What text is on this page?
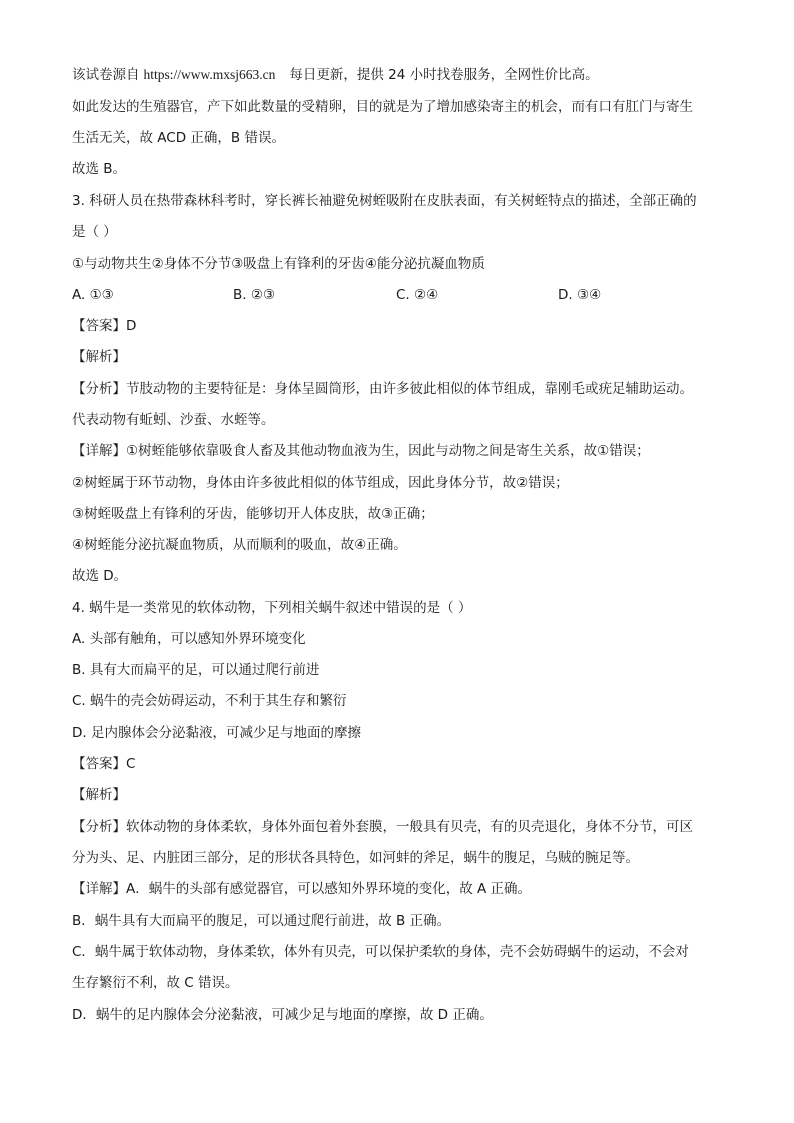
该试卷源自 https://www.mxsj663.cn 每日更新，提供 24 小时找卷服务，全网性价比高。
如此发达的生殖器官，产下如此数量的受精卵，目的就是为了增加感染寄主的机会，而有口有肛门与寄生
生活无关，故 ACD 正确，B 错误。
故选 B。
3. 科研人员在热带森林科考时，穿长裤长袖避免树蛭吸附在皮肤表面，有关树蛭特点的描述，全部正确的
是（ ）
①与动物共生②身体不分节③吸盘上有锋利的牙齿④能分泌抗凝血物质
A. ①③	B. ②③	C. ②④	D. ③④
【答案】D
【解析】
【分析】节肢动物的主要特征是：身体呈圆筒形，由许多彼此相似的体节组成，靠刚毛或疣足辅助运动。
代表动物有蚯蚓、沙蚕、水蛭等。
【详解】①树蛭能够依靠吸食人畜及其他动物血液为生，因此与动物之间是寄生关系，故①错误；
②树蛭属于环节动物，身体由许多彼此相似的体节组成，因此身体分节，故②错误；
③树蛭吸盘上有锋利的牙齿，能够切开人体皮肤，故③正确；
④树蛭能分泌抗凝血物质，从而顺利的吸血，故④正确。
故选 D。
4. 蜗牛是一类常见的软体动物，下列相关蜗牛叙述中错误的是（ ）
A. 头部有触角，可以感知外界环境变化
B. 具有大而扁平的足，可以通过爬行前进
C. 蜗牛的壳会妨碍运动，不利于其生存和繁衍
D. 足内腺体会分泌黏液，可减少足与地面的摩擦
【答案】C
【解析】
【分析】软体动物的身体柔软，身体外面包着外套膜，一般具有贝壳，有的贝壳退化，身体不分节，可区
分为头、足、内脏团三部分，足的形状各具特色，如河蚌的斧足，蜗牛的腹足，乌贼的腕足等。
【详解】A．蜗牛的头部有感觉器官，可以感知外界环境的变化，故 A 正确。
B．蜗牛具有大而扁平的腹足，可以通过爬行前进，故 B 正确。
C．蜗牛属于软体动物，身体柔软，体外有贝壳，可以保护柔软的身体，壳不会妨碍蜗牛的运动，不会对
生存繁衍不利，故 C 错误。
D．蜗牛的足内腺体会分泌黏液，可减少足与地面的摩擦，故 D 正确。
